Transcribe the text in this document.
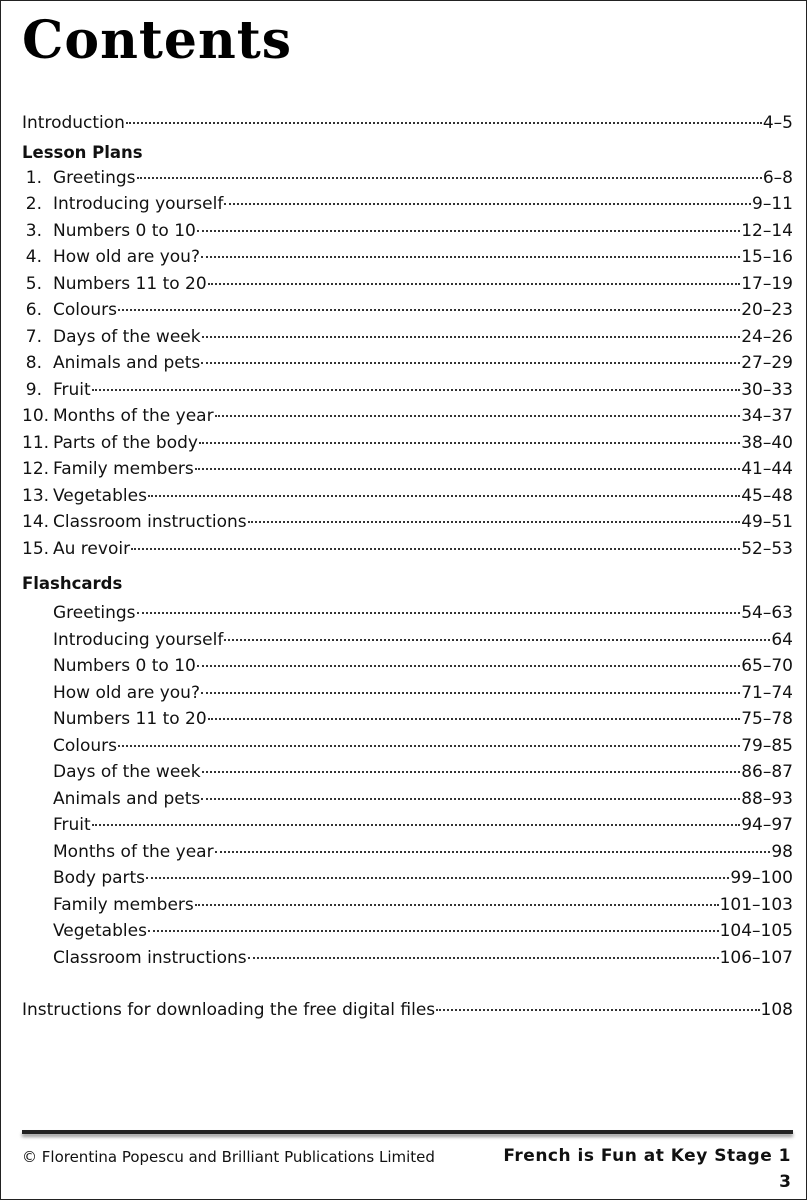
Contents
Introduction	4–5
Lesson Plans
1. Greetings	6–8
2. Introducing yourself	9–11
3. Numbers 0 to 10	12–14
4. How old are you?	15–16
5. Numbers 11 to 20	17–19
6. Colours	20–23
7. Days of the week	24–26
8. Animals and pets	27–29
9. Fruit	30–33
10. Months of the year	34–37
11. Parts of the body	38–40
12. Family members	41–44
13. Vegetables	45–48
14. Classroom instructions	49–51
15. Au revoir	52–53
Flashcards
Greetings	54–63
Introducing yourself	64
Numbers 0 to 10	65–70
How old are you?	71–74
Numbers 11 to 20	75–78
Colours	79–85
Days of the week	86–87
Animals and pets	88–93
Fruit	94–97
Months of the year	98
Body parts	99–100
Family members	101–103
Vegetables	104–105
Classroom instructions	106–107
Instructions for downloading the free digital files	108
© Florentina Popescu and Brilliant Publications Limited	French is Fun at Key Stage 1
3
